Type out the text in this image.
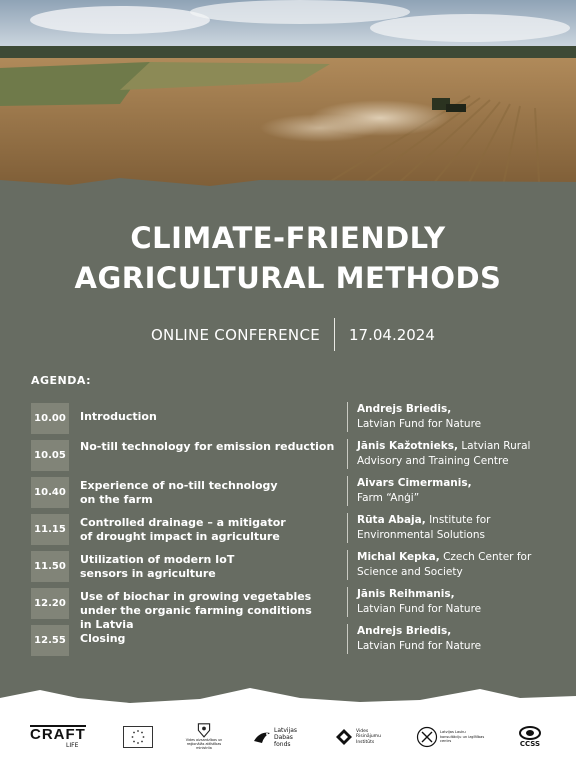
CLIMATE-FRIENDLY
AGRICULTURAL METHODS
ONLINE CONFERENCE 17.04.2024
AGENDA:
10.00 Introduction
Andrejs Briedis,
Latvian Fund for Nature
10.05
No-till technology for emission reduction	Jānis Kažotnieks, Latvian Rural Advisory and Training Centre
10.40
Experience of no-till technology on the farm
Aivars Cimermanis,
Farm “Anģi”
11.15
Controlled drainage – a mitigator of drought impact in agriculture
Rūta Abaja, Institute for Environmental Solutions
11.50
Utilization of modern IoT sensors in agriculture
Michal Kepka, Czech Center for Science and Society
12.20
Use of biochar in growing vegetables under the organic farming conditions in Latvia
Jānis Reihmanis,
Latvian Fund for Nature
12.55 Closing
Andrejs Briedis,
Latvian Fund for Nature
CRAFT
LIFE
Vides aizsardzības un reģionālās attīstības ministrija
Latvijas Dabas fonds
Vides Risinājumu Institūts
Latvijas Lauku konsultāciju un izglītības centrs	CCSS
